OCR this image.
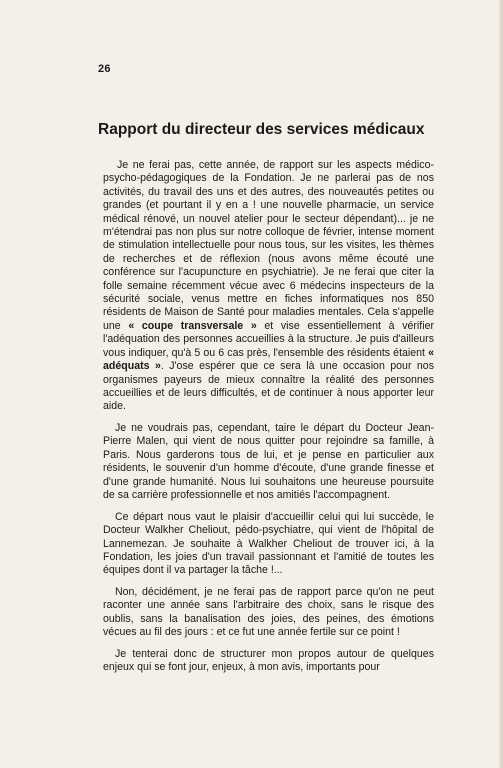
26
Rapport du directeur des services médicaux

Je ne ferai pas, cette année, de rapport sur les aspects médico-psycho-pédagogiques de la Fondation. Je ne parlerai pas de nos activités, du travail des uns et des autres, des nouveautés petites ou grandes (et pourtant il y en a ! une nouvelle pharmacie, un service médical rénové, un nouvel atelier pour le secteur dépendant)... je ne m'étendrai pas non plus sur notre colloque de février, intense moment de stimulation intellectuelle pour nous tous, sur les visites, les thèmes de recherches et de réflexion (nous avons même écouté une conférence sur l'acupuncture en psychiatrie). Je ne ferai que citer la folle semaine récemment vécue avec 6 médecins inspecteurs de la sécurité sociale, venus mettre en fiches informatiques nos 850 résidents de Maison de Santé pour maladies mentales. Cela s'appelle une « coupe transversale » et vise essentiellement à vérifier l'adéquation des personnes accueillies à la structure. Je puis d'ailleurs vous indiquer, qu'à 5 ou 6 cas près, l'ensemble des résidents étaient « adéquats ». J'ose espérer que ce sera là une occasion pour nos organismes payeurs de mieux connaître la réalité des personnes accueillies et de leurs difficultés, et de continuer à nous apporter leur aide.

Je ne voudrais pas, cependant, taire le départ du Docteur Jean-Pierre Malen, qui vient de nous quitter pour rejoindre sa famille, à Paris. Nous garderons tous de lui, et je pense en particulier aux résidents, le souvenir d'un homme d'écoute, d'une grande finesse et d'une grande humanité. Nous lui souhaitons une heureuse poursuite de sa carrière professionnelle et nos amitiés l'accompagnent.

Ce départ nous vaut le plaisir d'accueillir celui qui lui succède, le Docteur Walkher Cheliout, pédo-psychiatre, qui vient de l'hôpital de Lannemezan. Je souhaite à Walkher Cheliout de trouver ici, à la Fondation, les joies d'un travail passionnant et l'amitié de toutes les équipes dont il va partager la tâche !...

Non, décidément, je ne ferai pas de rapport parce qu'on ne peut raconter une année sans l'arbitraire des choix, sans le risque des oublis, sans la banalisation des joies, des peines, des émotions vécues au fil des jours : et ce fut une année fertile sur ce point !

Je tenterai donc de structurer mon propos autour de quelques enjeux qui se font jour, enjeux, à mon avis, importants pour
